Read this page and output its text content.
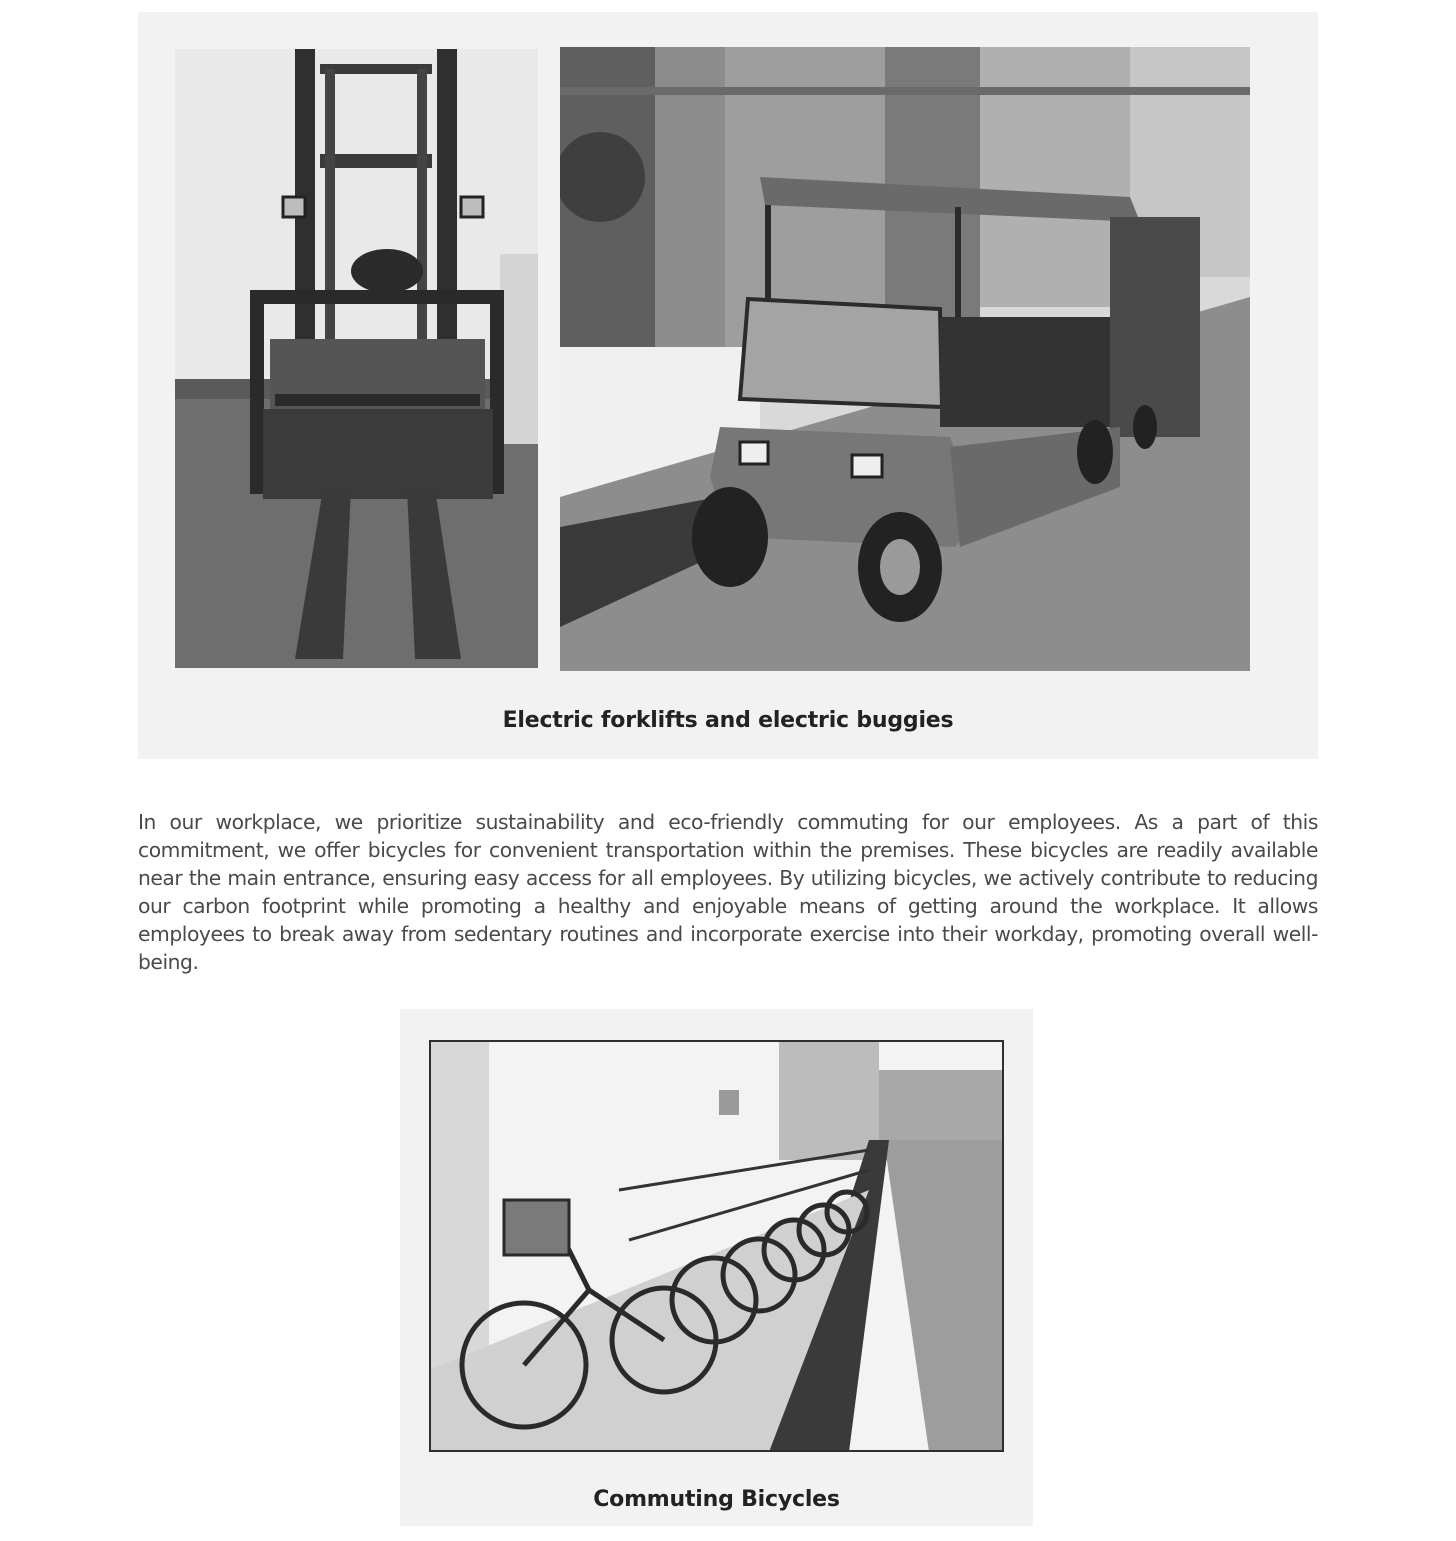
Electric forklifts and electric buggies

In our workplace, we prioritize sustainability and eco-friendly commuting for our employees. As a part of this commitment, we offer bicycles for convenient transportation within the premises. These bicycles are readily available near the main entrance, ensuring easy access for all employees. By utilizing bicycles, we actively contribute to reducing our carbon footprint while promoting a healthy and enjoyable means of getting around the workplace. It allows employees to break away from sedentary routines and incorporate exercise into their workday, promoting overall well-being.

Commuting Bicycles
